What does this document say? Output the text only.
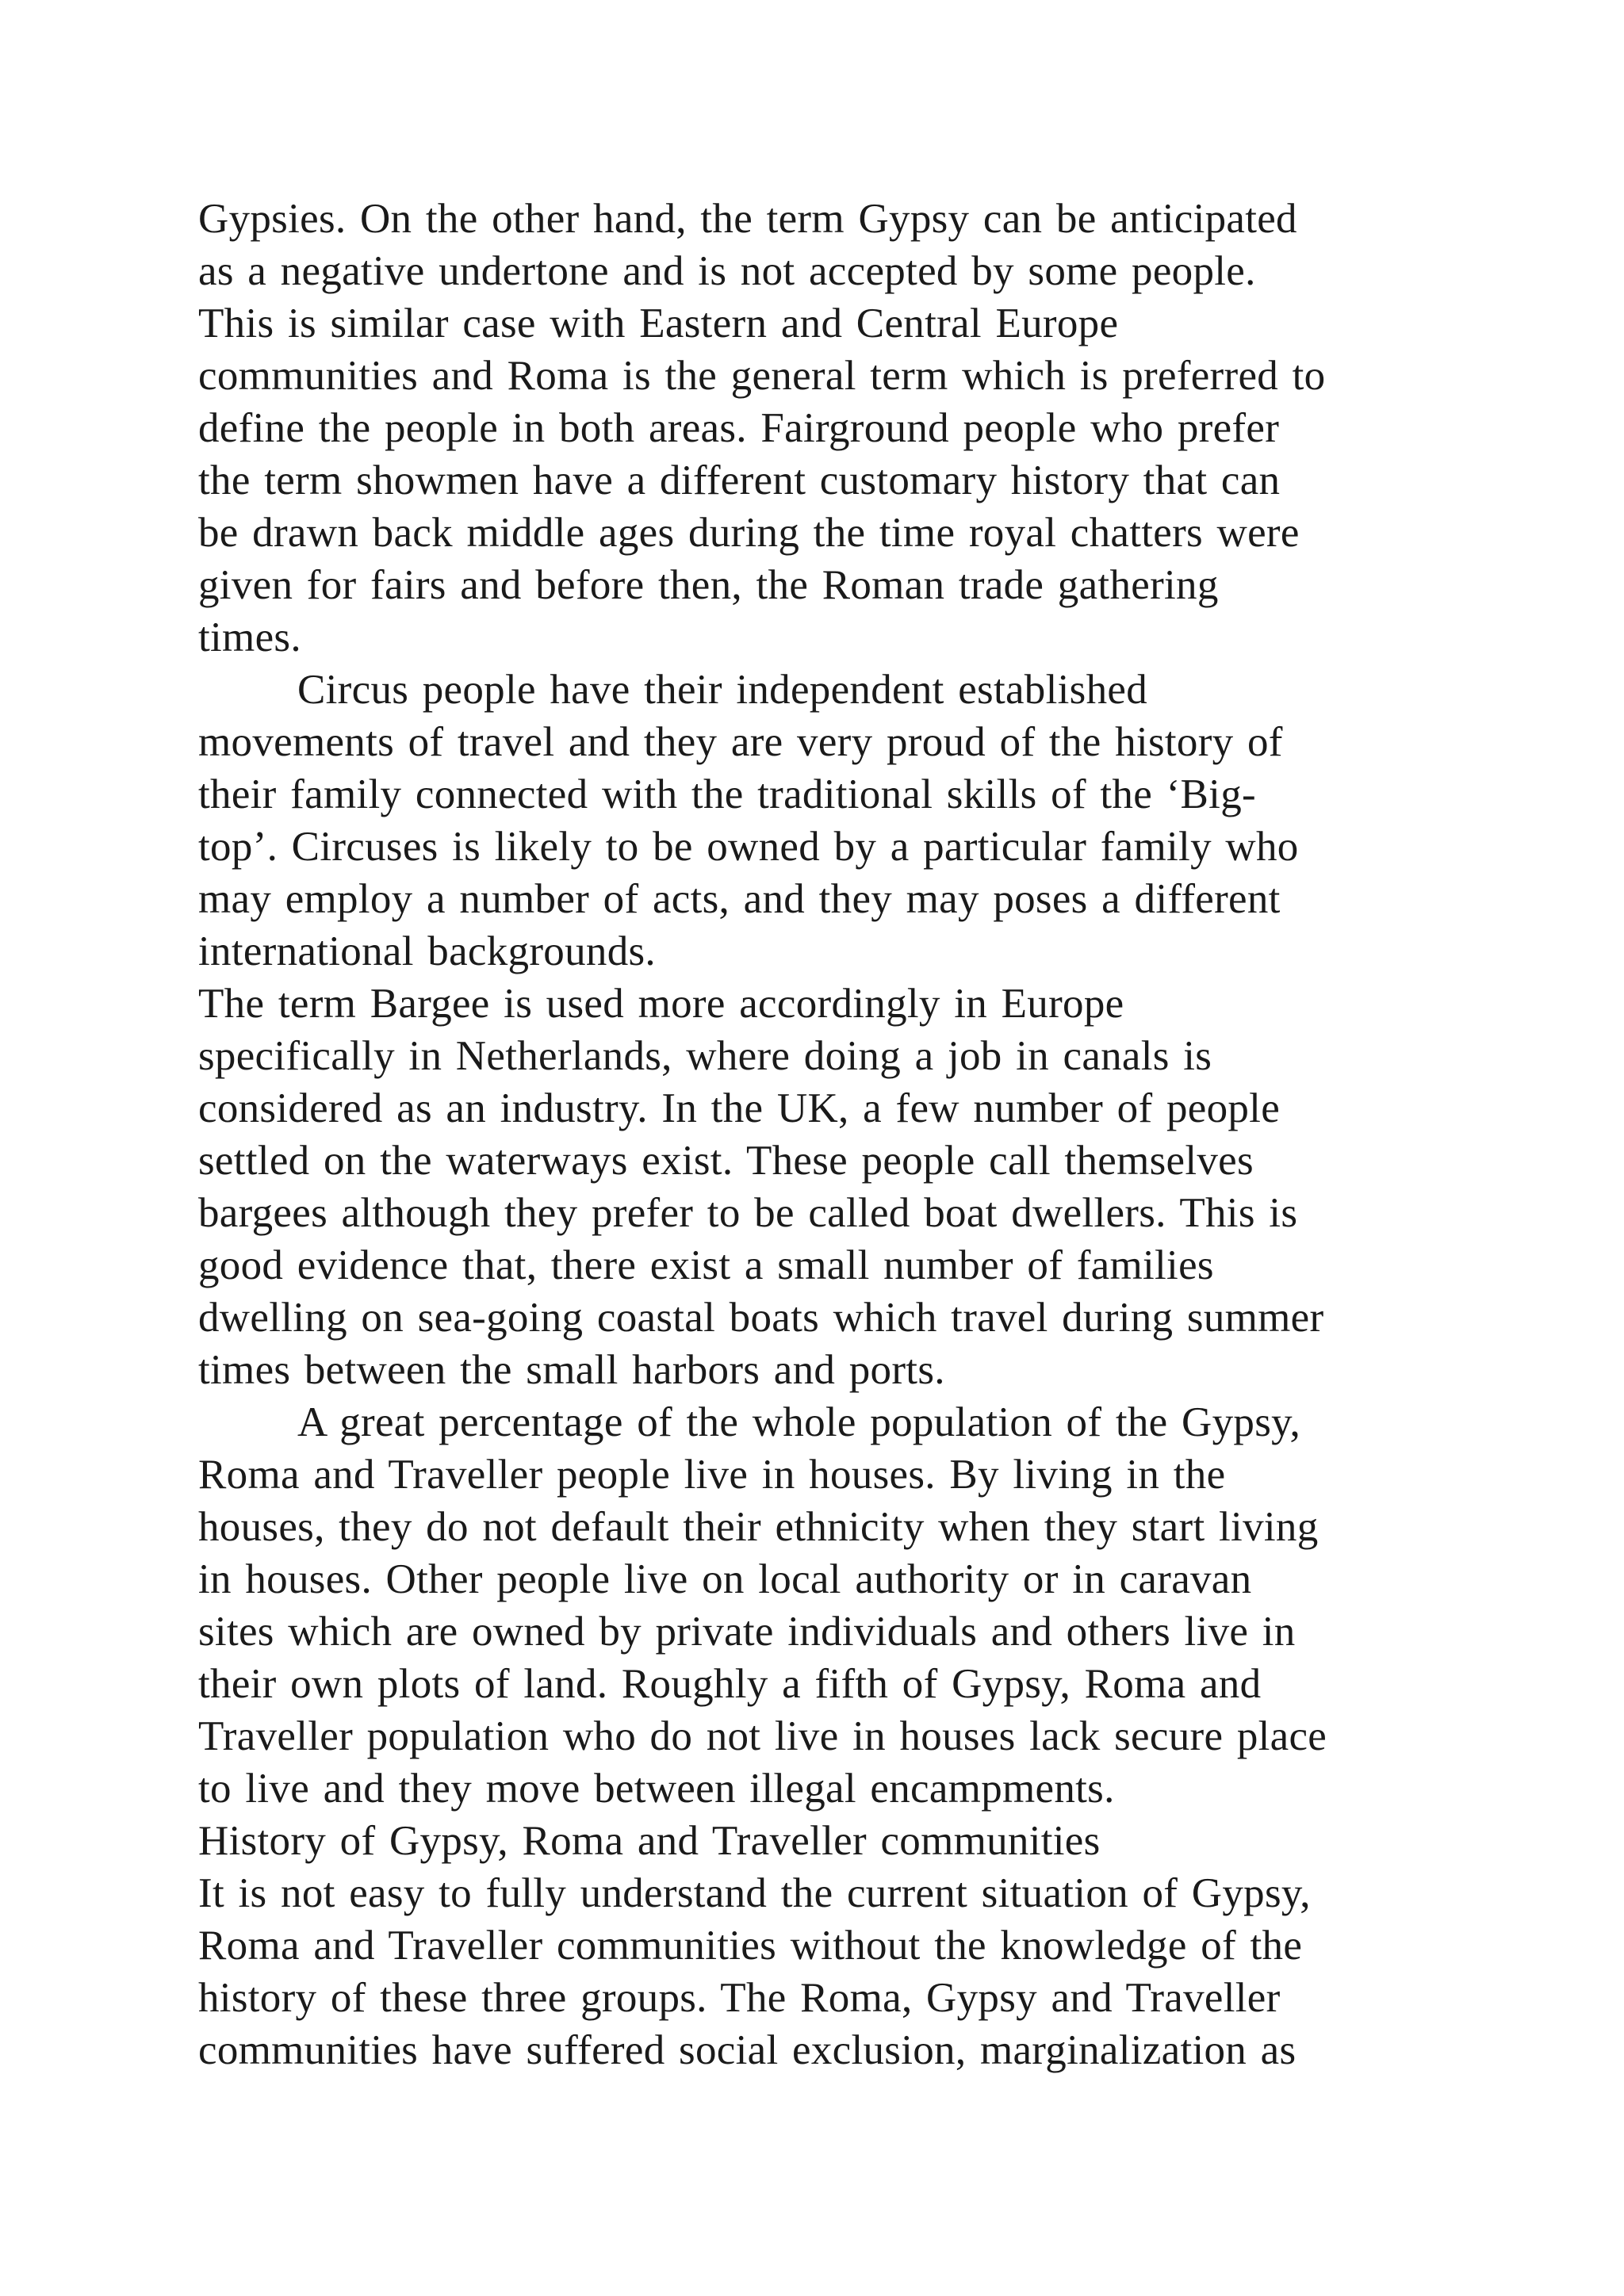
Gypsies. On the other hand, the term Gypsy can be anticipated
as a negative undertone and is not accepted by some people.
This is similar case with Eastern and Central Europe
communities and Roma is the general term which is preferred to
define the people in both areas. Fairground people who prefer
the term showmen have a different customary history that can
be drawn back middle ages during the time royal chatters were
given for fairs and before then, the Roman trade gathering
times.
Circus people have their independent established
movements of travel and they are very proud of the history of
their family connected with the traditional skills of the ‘Big-
top’. Circuses is likely to be owned by a particular family who
may employ a number of acts, and they may poses a different
international backgrounds.
The term Bargee is used more accordingly in Europe
specifically in Netherlands, where doing a job in canals is
considered as an industry. In the UK, a few number of people
settled on the waterways exist. These people call themselves
bargees although they prefer to be called boat dwellers. This is
good evidence that, there exist a small number of families
dwelling on sea-going coastal boats which travel during summer
times between the small harbors and ports.
A great percentage of the whole population of the Gypsy,
Roma and Traveller people live in houses. By living in the
houses, they do not default their ethnicity when they start living
in houses. Other people live on local authority or in caravan
sites which are owned by private individuals and others live in
their own plots of land. Roughly a fifth of Gypsy, Roma and
Traveller population who do not live in houses lack secure place
to live and they move between illegal encampments.
History of Gypsy, Roma and Traveller communities
It is not easy to fully understand the current situation of Gypsy,
Roma and Traveller communities without the knowledge of the
history of these three groups. The Roma, Gypsy and Traveller
communities have suffered social exclusion, marginalization as
